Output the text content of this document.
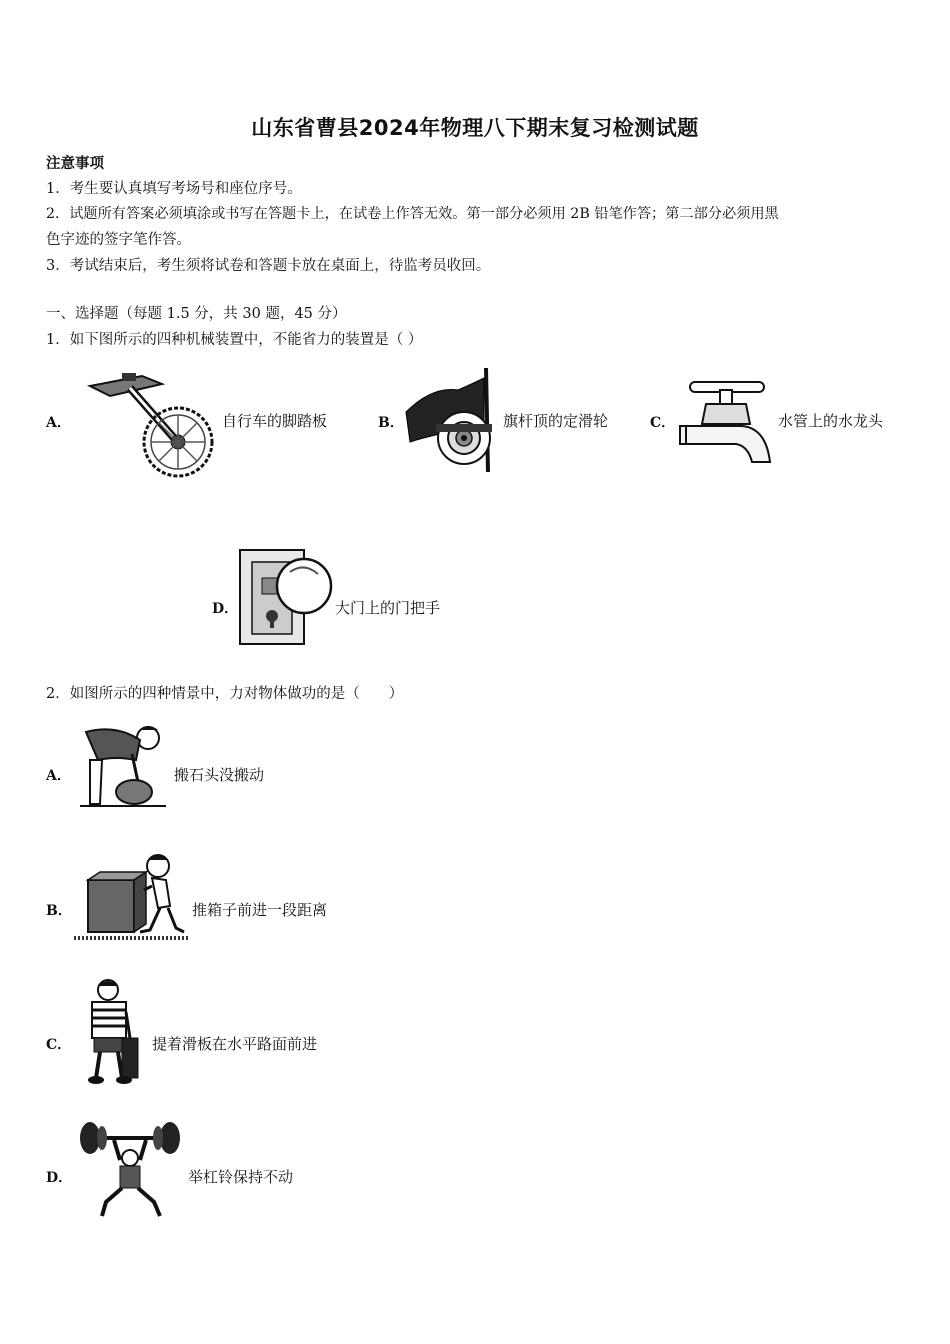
山东省曹县2024年物理八下期末复习检测试题
注意事项
1．考生要认真填写考场号和座位序号。
2．试题所有答案必须填涂或书写在答题卡上，在试卷上作答无效。第一部分必须用 2B 铅笔作答；第二部分必须用黑
色字迹的签字笔作答。
3．考试结束后，考生须将试卷和答题卡放在桌面上，待监考员收回。
一、选择题（每题 1.5 分，共 30 题，45 分）
1．如下图所示的四种机械装置中，不能省力的装置是（ ）
A．	自行车的脚踏板	B．	旗杆顶的定滑轮	C．	水管上的水龙头
D．	大门上的门把手
2．如图所示的四种情景中，力对物体做功的是（　　）
A．	搬石头没搬动
B．	推箱子前进一段距离
C．	提着滑板在水平路面前进
D．	举杠铃保持不动
